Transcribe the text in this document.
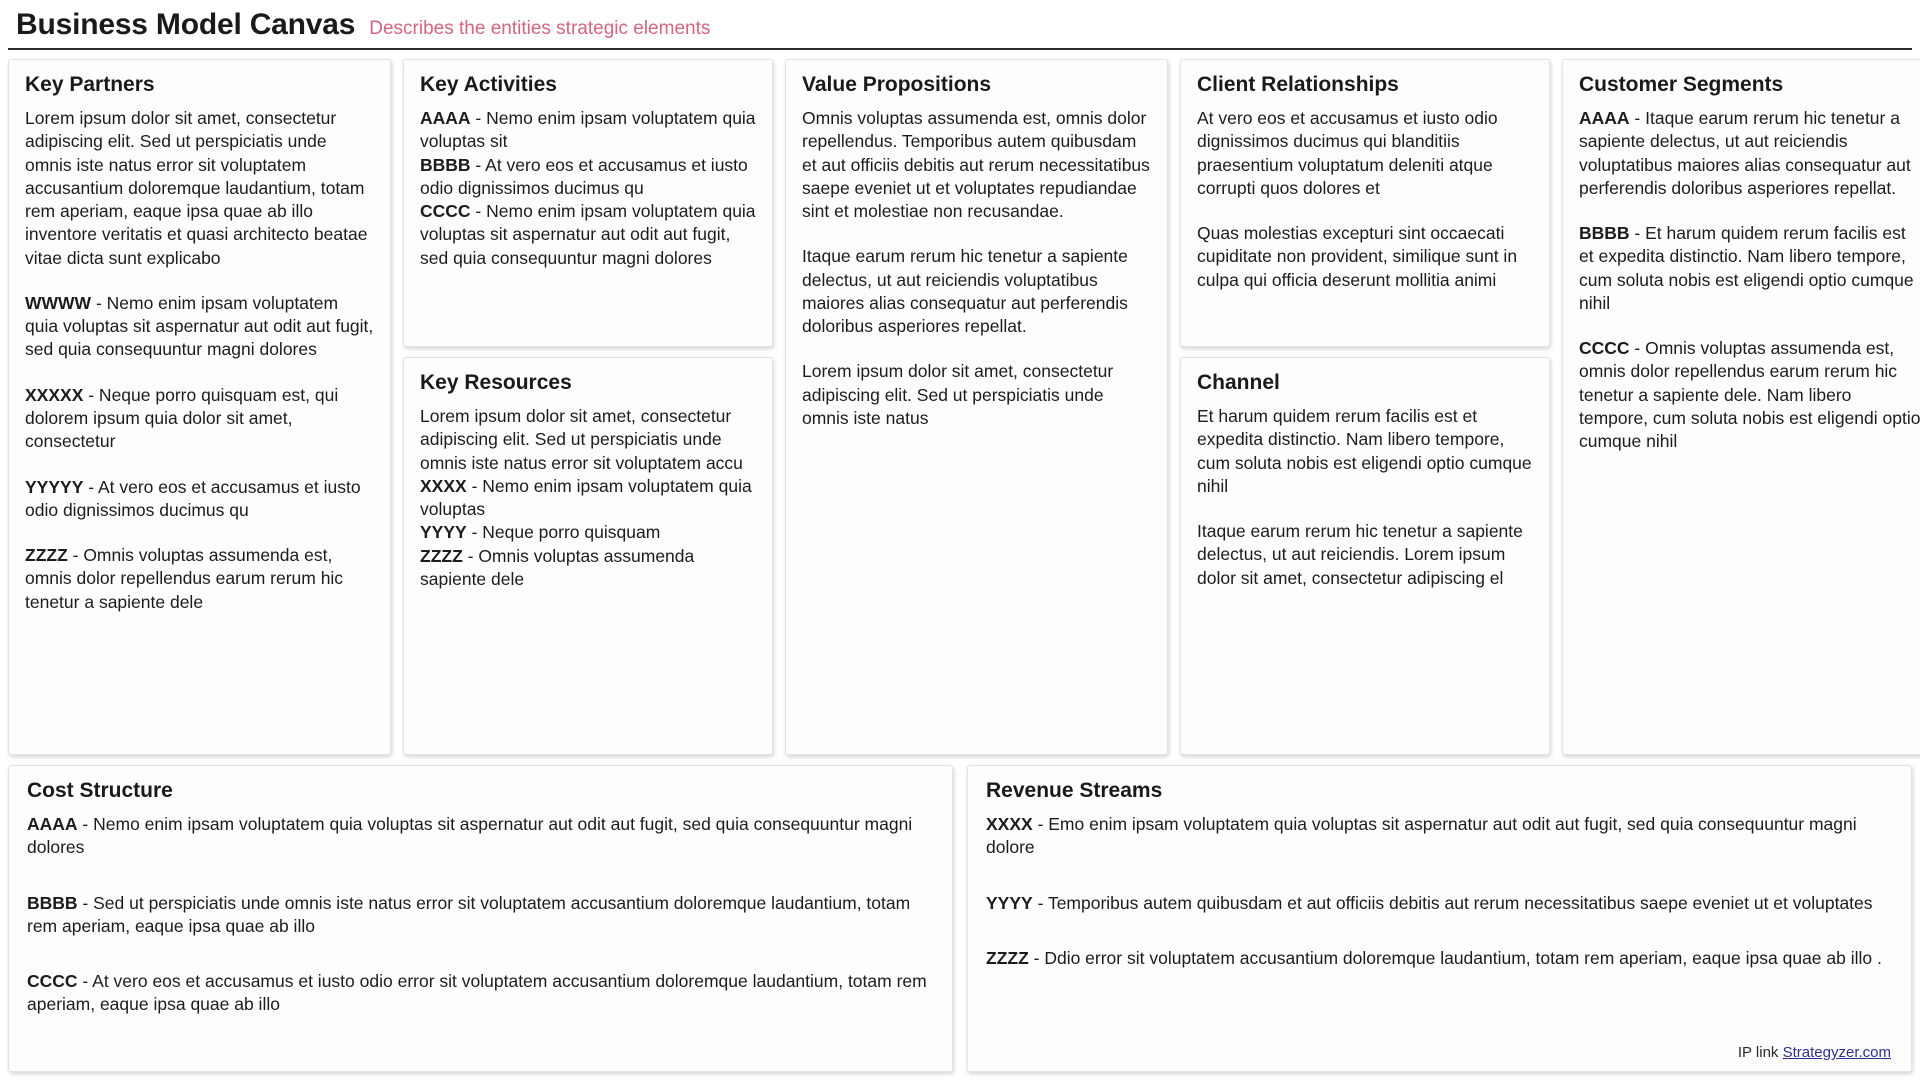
Business Model Canvas Describes the entities strategic elements
Key Partners

Lorem ipsum dolor sit amet, consectetur adipiscing elit. Sed ut perspiciatis unde omnis iste natus error sit voluptatem accusantium doloremque laudantium, totam rem aperiam, eaque ipsa quae ab illo inventore veritatis et quasi architecto beatae vitae dicta sunt explicabo

WWWW - Nemo enim ipsam voluptatem quia voluptas sit aspernatur aut odit aut fugit, sed quia consequuntur magni dolores

XXXXX - Neque porro quisquam est, qui dolorem ipsum quia dolor sit amet, consectetur

YYYYY - At vero eos et accusamus et iusto odio dignissimos ducimus qu

ZZZZ - Omnis voluptas assumenda est, omnis dolor repellendus earum rerum hic tenetur a sapiente dele

Key Activities

AAAA - Nemo enim ipsam voluptatem quia voluptas sit

BBBB - At vero eos et accusamus et iusto odio dignissimos ducimus qu

CCCC - Nemo enim ipsam voluptatem quia voluptas sit aspernatur aut odit aut fugit, sed quia consequuntur magni dolores

Key Resources

Lorem ipsum dolor sit amet, consectetur adipiscing elit. Sed ut perspiciatis unde omnis iste natus error sit voluptatem accu

XXXX - Nemo enim ipsam voluptatem quia voluptas

YYYY - Neque porro quisquam

ZZZZ - Omnis voluptas assumenda sapiente dele

Value Propositions

Omnis voluptas assumenda est, omnis dolor repellendus. Temporibus autem quibusdam et aut officiis debitis aut rerum necessitatibus saepe eveniet ut et voluptates repudiandae sint et molestiae non recusandae.

Itaque earum rerum hic tenetur a sapiente delectus, ut aut reiciendis voluptatibus maiores alias consequatur aut perferendis doloribus asperiores repellat.

Lorem ipsum dolor sit amet, consectetur adipiscing elit. Sed ut perspiciatis unde omnis iste natus

Client Relationships

At vero eos et accusamus et iusto odio dignissimos ducimus qui blanditiis praesentium voluptatum deleniti atque corrupti quos dolores et

Quas molestias excepturi sint occaecati cupiditate non provident, similique sunt in culpa qui officia deserunt mollitia animi

Channel

Et harum quidem rerum facilis est et expedita distinctio. Nam libero tempore, cum soluta nobis est eligendi optio cumque nihil

Itaque earum rerum hic tenetur a sapiente delectus, ut aut reiciendis. Lorem ipsum dolor sit amet, consectetur adipiscing el

Customer Segments

AAAA - Itaque earum rerum hic tenetur a sapiente delectus, ut aut reiciendis voluptatibus maiores alias consequatur aut perferendis doloribus asperiores repellat.

BBBB - Et harum quidem rerum facilis est et expedita distinctio. Nam libero tempore, cum soluta nobis est eligendi optio cumque nihil

CCCC - Omnis voluptas assumenda est, omnis dolor repellendus earum rerum hic tenetur a sapiente dele. Nam libero tempore, cum soluta nobis est eligendi optio cumque nihil

Cost Structure

AAAA - Nemo enim ipsam voluptatem quia voluptas sit aspernatur aut odit aut fugit, sed quia consequuntur magni dolores

BBBB - Sed ut perspiciatis unde omnis iste natus error sit voluptatem accusantium doloremque laudantium, totam rem aperiam, eaque ipsa quae ab illo

CCCC - At vero eos et accusamus et iusto odio error sit voluptatem accusantium doloremque laudantium, totam rem aperiam, eaque ipsa quae ab illo

Revenue Streams

XXXX - Emo enim ipsam voluptatem quia voluptas sit aspernatur aut odit aut fugit, sed quia consequuntur magni dolore

YYYY - Temporibus autem quibusdam et aut officiis debitis aut rerum necessitatibus saepe eveniet ut et voluptates

ZZZZ - Ddio error sit voluptatem accusantium doloremque laudantium, totam rem aperiam, eaque ipsa quae ab illo .

IP link Strategyzer.com
